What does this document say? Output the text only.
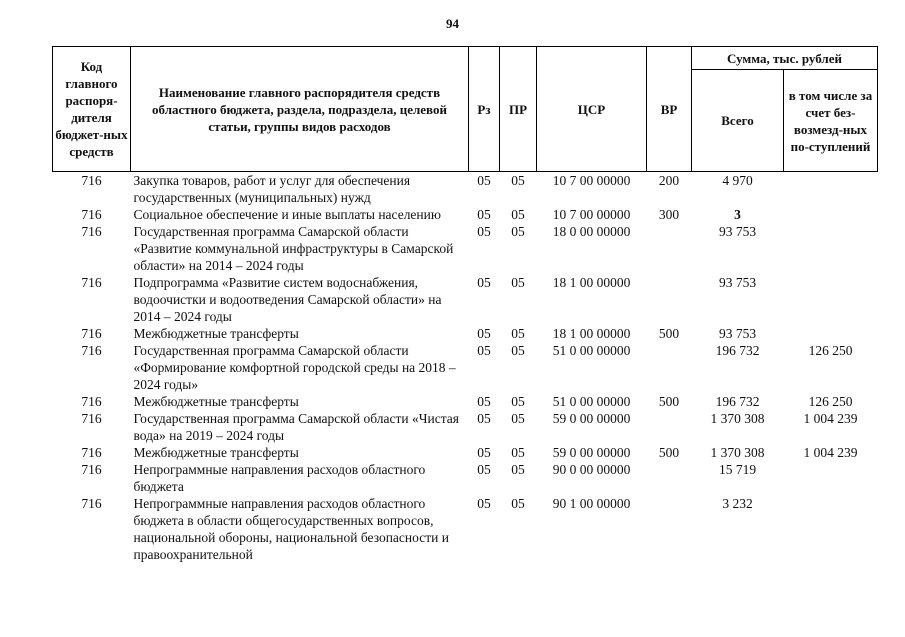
94
Код главного распоря-дителя бюджет-ных средств	Наименование главного распорядителя средств областного бюджета, раздела, подраздела, целевой статьи, группы видов расходов	Рз	ПР	ЦСР	ВР	Сумма, тыс. рублей	
						Всего	в том числе за счет без-возмезд-ных по-ступлений
716	Закупка товаров, работ и услуг для обеспечения государственных (муниципальных) нужд	05	05	10 7 00 00000	200	4 970	
716	Социальное обеспечение и иные выплаты населению	05	05	10 7 00 00000	300	3	
716	Государственная программа Самарской области «Развитие коммунальной инфраструктуры в Самарской области» на 2014 – 2024 годы	05	05	18 0 00 00000		93 753	
716	Подпрограмма «Развитие систем водоснабжения, водоочистки и водоотведения Самарской области» на 2014 – 2024 годы	05	05	18 1 00 00000		93 753	
716	Межбюджетные трансферты	05	05	18 1 00 00000	500	93 753	
716	Государственная программа Самарской области «Формирование комфортной городской среды на 2018 – 2024 годы»	05	05	51 0 00 00000		196 732	126 250
716	Межбюджетные трансферты	05	05	51 0 00 00000	500	196 732	126 250
716	Государственная программа Самарской области «Чистая вода» на 2019 – 2024 годы	05	05	59 0 00 00000		1 370 308	1 004 239
716	Межбюджетные трансферты	05	05	59 0 00 00000	500	1 370 308	1 004 239
716	Непрограммные направления расходов областного бюджета	05	05	90 0 00 00000		15 719	
716	Непрограммные направления расходов областного бюджета в области общегосударственных вопросов, национальной обороны, национальной безопасности и правоохранительной	05	05	90 1 00 00000		3 232	
